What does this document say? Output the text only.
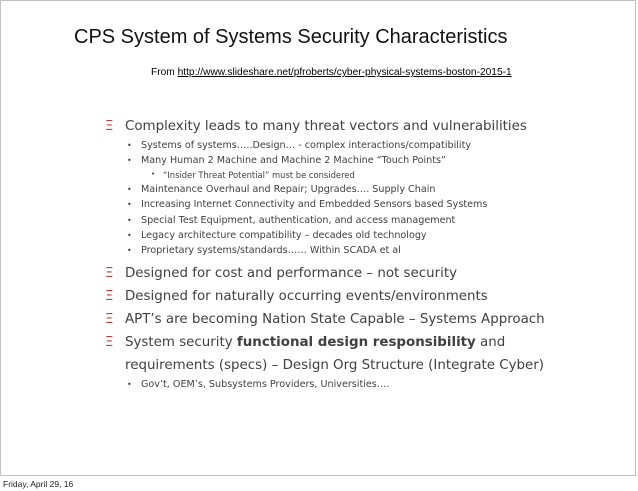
CPS System of Systems Security Characteristics
From http://www.slideshare.net/pfroberts/cyber-physical-systems-boston-2015-1
Ξ Complexity leads to many threat vectors and vulnerabilities
• Systems of systems…..Design… - complex interactions/compatibility
• Many Human 2 Machine and Machine 2 Machine “Touch Points”
• “Insider Threat Potential” must be considered
• Maintenance Overhaul and Repair; Upgrades…. Supply Chain
• Increasing Internet Connectivity and Embedded Sensors based Systems
• Special Test Equipment, authentication, and access management
• Legacy architecture compatibility – decades old technology
• Proprietary systems/standards…… Within SCADA et al
Ξ Designed for cost and performance – not security
Ξ Designed for naturally occurring events/environments
Ξ APT’s are becoming Nation State Capable – Systems Approach
Ξ System security functional design responsibility and
requirements (specs) – Design Org Structure (Integrate Cyber)
• Gov’t, OEM’s, Subsystems Providers, Universities….
Friday, April 29, 16
